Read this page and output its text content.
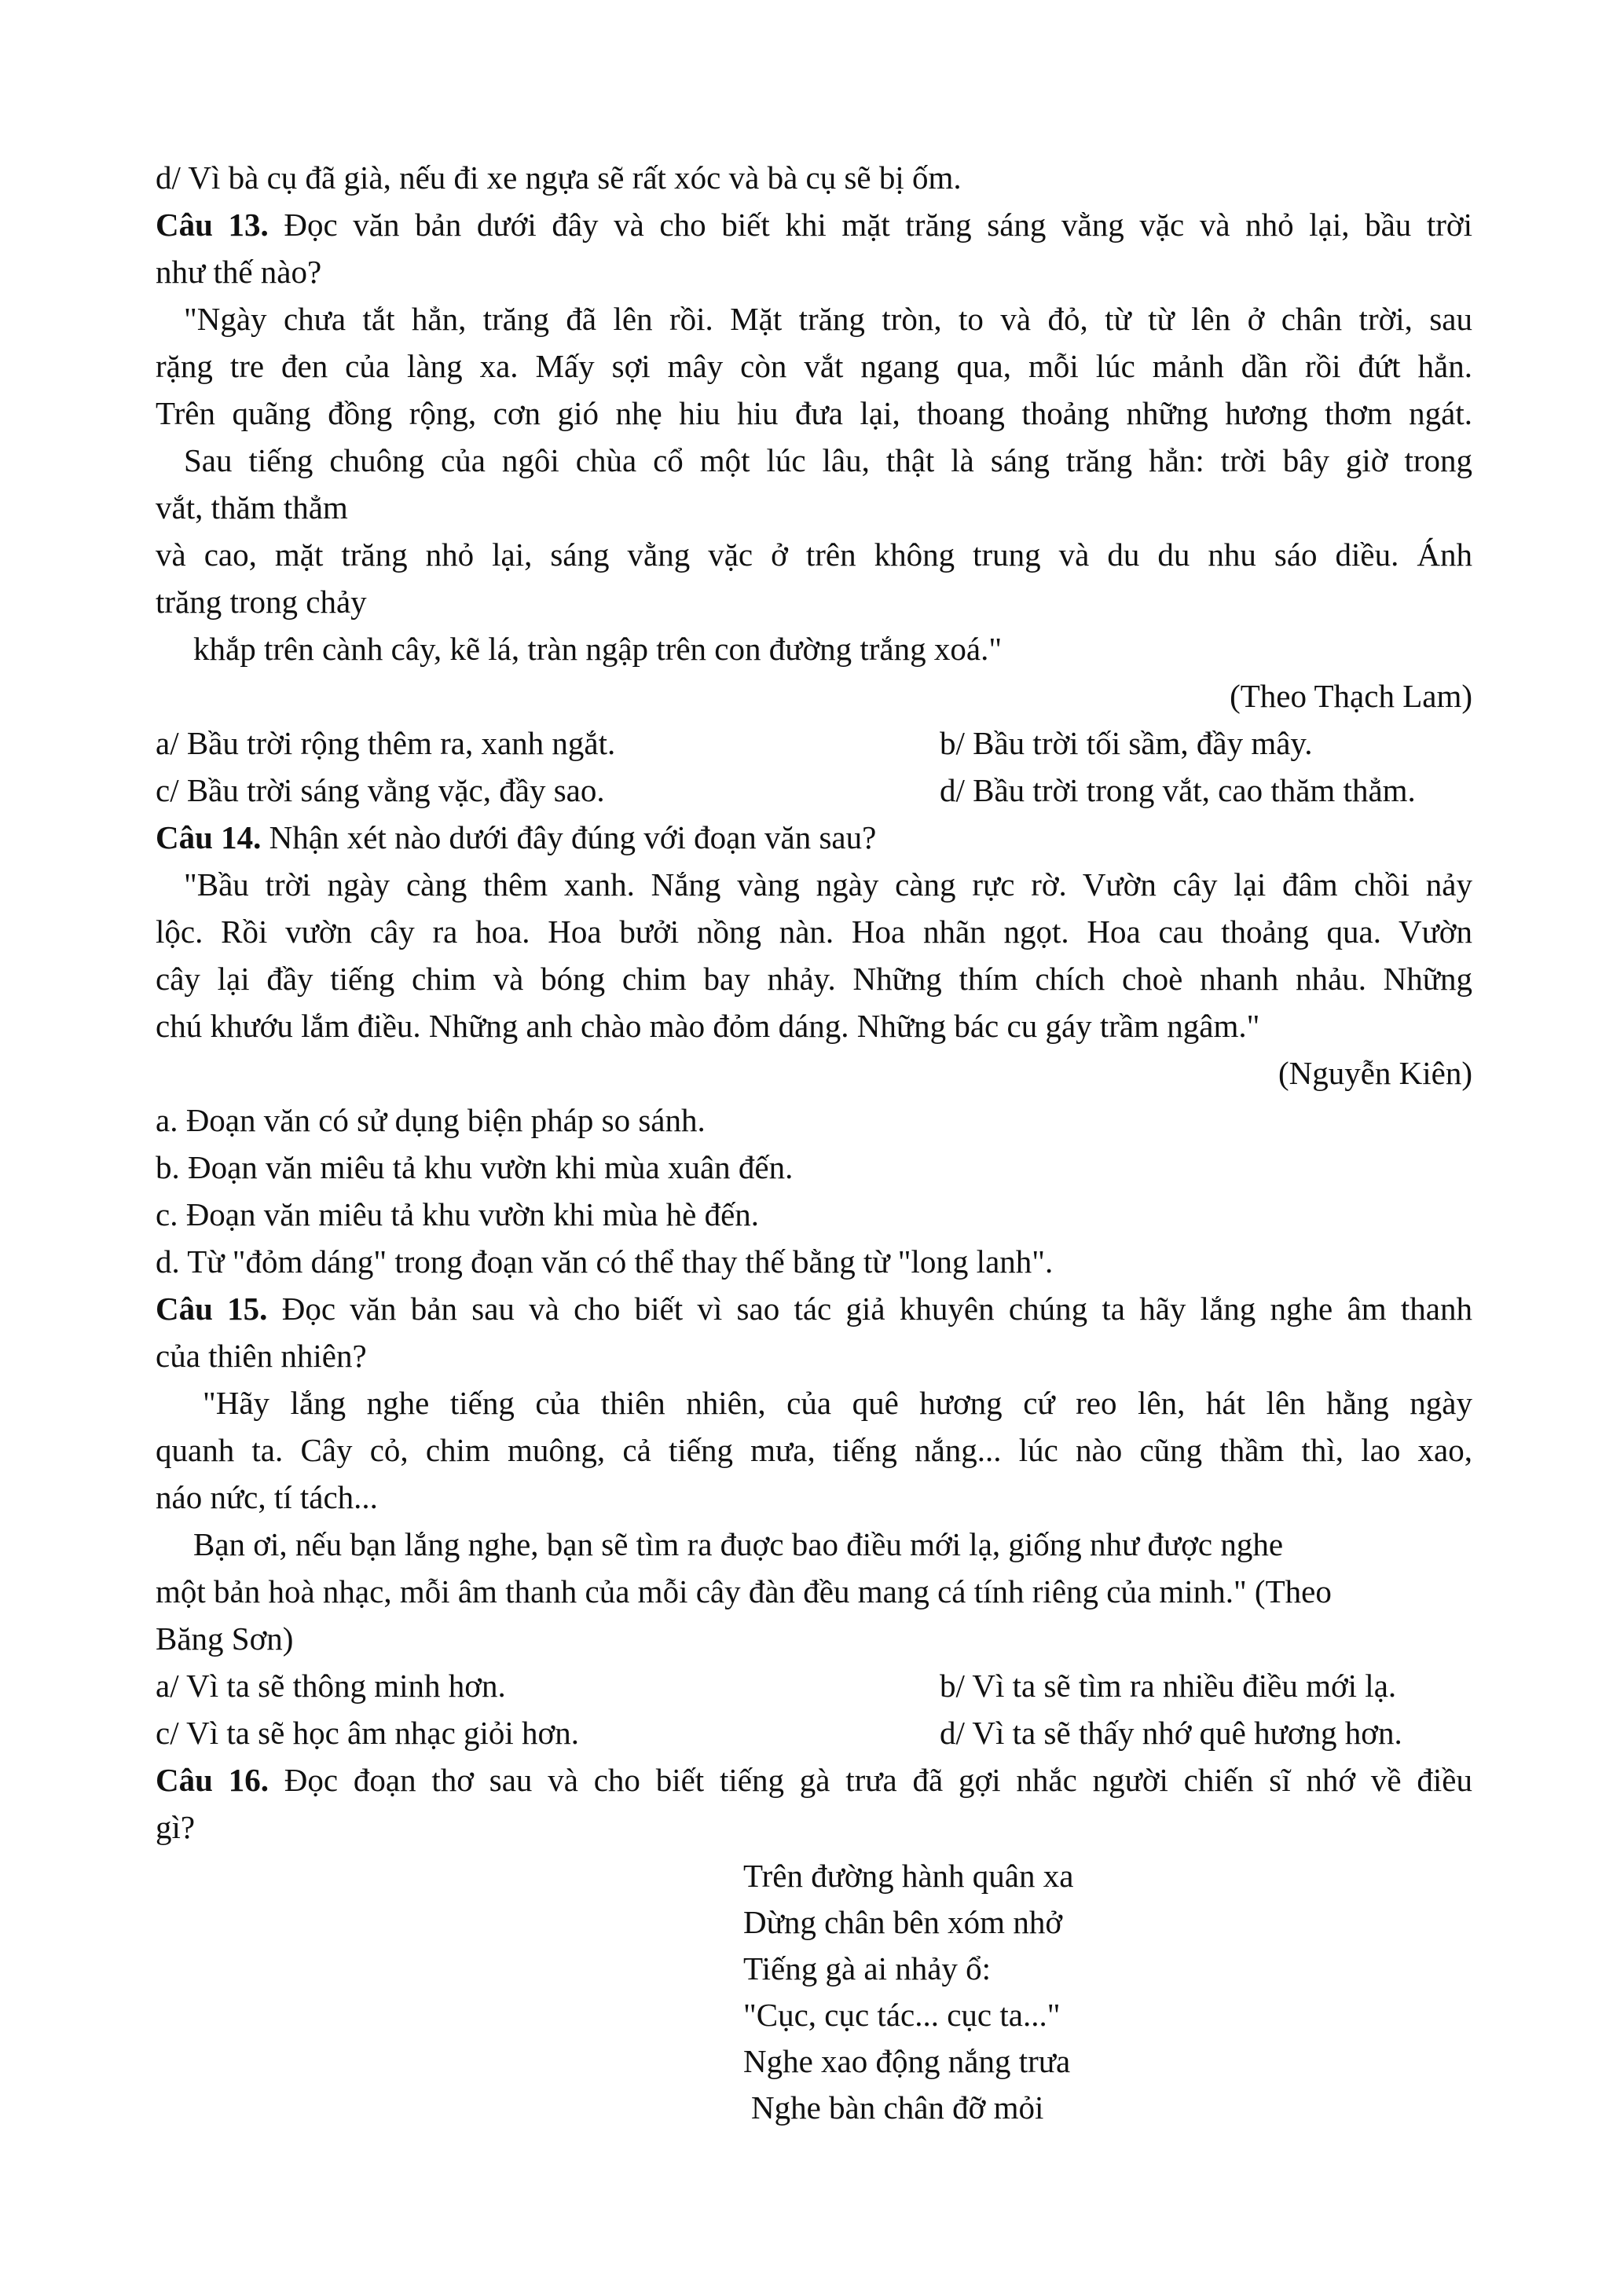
d/ Vì bà cụ đã già, nếu đi xe ngựa sẽ rất xóc và bà cụ sẽ bị ốm.
Câu 13. Đọc văn bản dưới đây và cho biết khi mặt trăng sáng vằng vặc và nhỏ lại, bầu trời
như thế nào?
"Ngày chưa tắt hẳn, trăng đã lên rồi. Mặt trăng tròn, to và đỏ, từ từ lên ở chân trời, sau
rặng tre đen của làng xa. Mấy sợi mây còn vắt ngang qua, mỗi lúc mảnh dần rồi đứt hẳn.
Trên quãng đồng rộng, cơn gió nhẹ hiu hiu đưa lại, thoang thoảng những hương thơm ngát.
Sau tiếng chuông của ngôi chùa cổ một lúc lâu, thật là sáng trăng hẳn: trời bây giờ trong
vắt, thăm thẳm
và cao, mặt trăng nhỏ lại, sáng vằng vặc ở trên không trung và du du nhu sáo diều. Ánh
trăng trong chảy
khắp trên cành cây, kẽ lá, tràn ngập trên con đường trắng xoá."
(Theo Thạch Lam)
a/ Bầu trời rộng thêm ra, xanh ngắt.	b/ Bầu trời tối sầm, đầy mây.
c/ Bầu trời sáng vằng vặc, đầy sao.	d/ Bầu trời trong vắt, cao thăm thẳm.
Câu 14. Nhận xét nào dưới đây đúng với đoạn văn sau?
"Bầu trời ngày càng thêm xanh. Nắng vàng ngày càng rực rờ. Vườn cây lại đâm chồi nảy
lộc. Rồi vườn cây ra hoa. Hoa bưởi nồng nàn. Hoa nhãn ngọt. Hoa cau thoảng qua. Vườn
cây lại đầy tiếng chim và bóng chim bay nhảy. Những thím chích choè nhanh nhảu. Những
chú khướu lắm điều. Những anh chào mào đỏm dáng. Những bác cu gáy trầm ngâm."
(Nguyễn Kiên)
a. Đoạn văn có sử dụng biện pháp so sánh.
b. Đoạn văn miêu tả khu vườn khi mùa xuân đến.
c. Đoạn văn miêu tả khu vườn khi mùa hè đến.
d. Từ "đỏm dáng" trong đoạn văn có thể thay thế bằng từ "long lanh".
Câu 15. Đọc văn bản sau và cho biết vì sao tác giả khuyên chúng ta hãy lắng nghe âm thanh
của thiên nhiên?
"Hãy lắng nghe tiếng của thiên nhiên, của quê hương cứ reo lên, hát lên hằng ngày
quanh ta. Cây cỏ, chim muông, cả tiếng mưa, tiếng nắng... lúc nào cũng thầm thì, lao xao,
náo nức, tí tách...
Bạn ơi, nếu bạn lắng nghe, bạn sẽ tìm ra đuợc bao điều mới lạ, giống như được nghe
một bản hoà nhạc, mỗi âm thanh của mỗi cây đàn đều mang cá tính riêng của minh." (Theo
Băng Sơn)
a/ Vì ta sẽ thông minh hơn.	b/ Vì ta sẽ tìm ra nhiều điều mới lạ.
c/ Vì ta sẽ học âm nhạc giỏi hơn.	d/ Vì ta sẽ thấy nhớ quê hương hơn.
Câu 16. Đọc đoạn thơ sau và cho biết tiếng gà trưa đã gợi nhắc người chiến sĩ nhớ về điều
gì?
Trên đường hành quân xa
Dừng chân bên xóm nhở
Tiếng gà ai nhảy ổ:
"Cục, cục tác... cục ta..."
Nghe xao động nắng trưa
Nghe bàn chân đỡ mỏi
